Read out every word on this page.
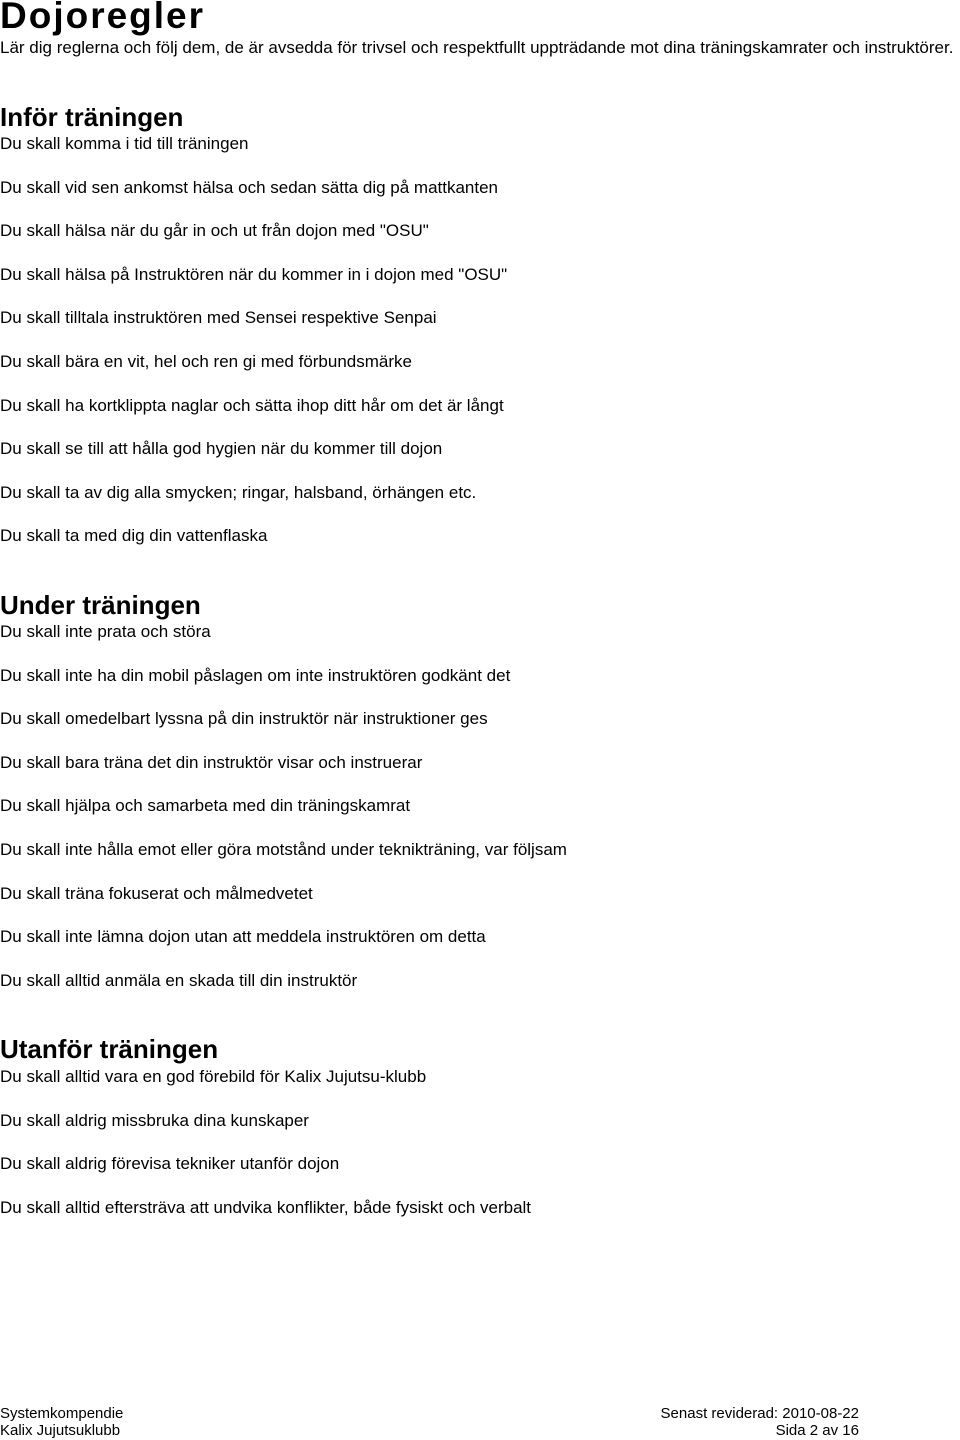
Dojoregler

Lär dig reglerna och följ dem, de är avsedda för trivsel och respektfullt uppträdande mot dina träningskamrater och instruktörer.

Inför träningen
Du skall komma i tid till träningen
Du skall vid sen ankomst hälsa och sedan sätta dig på mattkanten
Du skall hälsa när du går in och ut från dojon med "OSU"
Du skall hälsa på Instruktören när du kommer in i dojon med "OSU"
Du skall tilltala instruktören med Sensei respektive Senpai
Du skall bära en vit, hel och ren gi med förbundsmärke
Du skall ha kortklippta naglar och sätta ihop ditt hår om det är långt
Du skall se till att hålla god hygien när du kommer till dojon
Du skall ta av dig alla smycken; ringar, halsband, örhängen etc.
Du skall ta med dig din vattenflaska
Under träningen
Du skall inte prata och störa
Du skall inte ha din mobil påslagen om inte instruktören godkänt det
Du skall omedelbart lyssna på din instruktör när instruktioner ges
Du skall bara träna det din instruktör visar och instruerar
Du skall hjälpa och samarbeta med din träningskamrat
Du skall inte hålla emot eller göra motstånd under teknikträning, var följsam
Du skall träna fokuserat och målmedvetet
Du skall inte lämna dojon utan att meddela instruktören om detta
Du skall alltid anmäla en skada till din instruktör
Utanför träningen
Du skall alltid vara en god förebild för Kalix Jujutsu-klubb
Du skall aldrig missbruka dina kunskaper
Du skall aldrig förevisa tekniker utanför dojon
Du skall alltid eftersträva att undvika konflikter, både fysiskt och verbalt
Systemkompendie
Kalix Jujutsuklubb
Senast reviderad: 2010-08-22
Sida 2 av 16
